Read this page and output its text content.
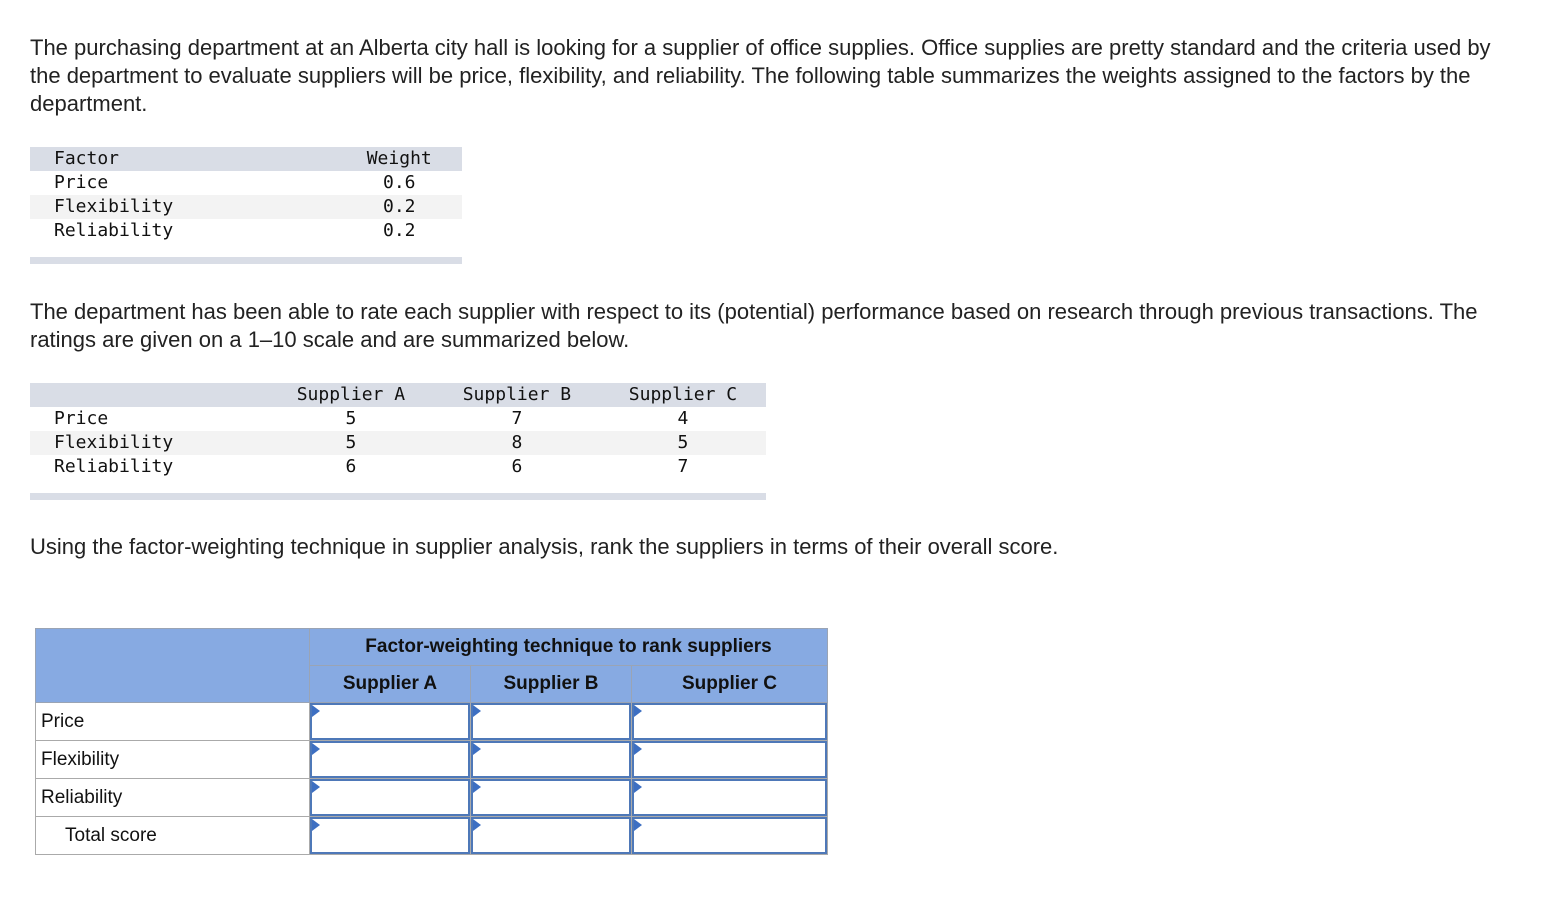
The purchasing department at an Alberta city hall is looking for a supplier of office supplies. Office supplies are pretty standard and the criteria used by the department to evaluate suppliers will be price, flexibility, and reliability. The following table summarizes the weights assigned to the factors by the department.

Factor	Weight
Price	0.6
Flexibility	0.2
Reliability	0.2

The department has been able to rate each supplier with respect to its (potential) performance based on research through previous transactions. The ratings are given on a 1–10 scale and are summarized below.

	Supplier A	Supplier B	Supplier C
Price	5	7	4
Flexibility	5	8	5
Reliability	6	6	7

Using the factor-weighting technique in supplier analysis, rank the suppliers in terms of their overall score.

	Factor-weighting technique to rank suppliers		
	Supplier A	Supplier B	Supplier C
Price	

Flexibility	

Reliability	

Total score	
